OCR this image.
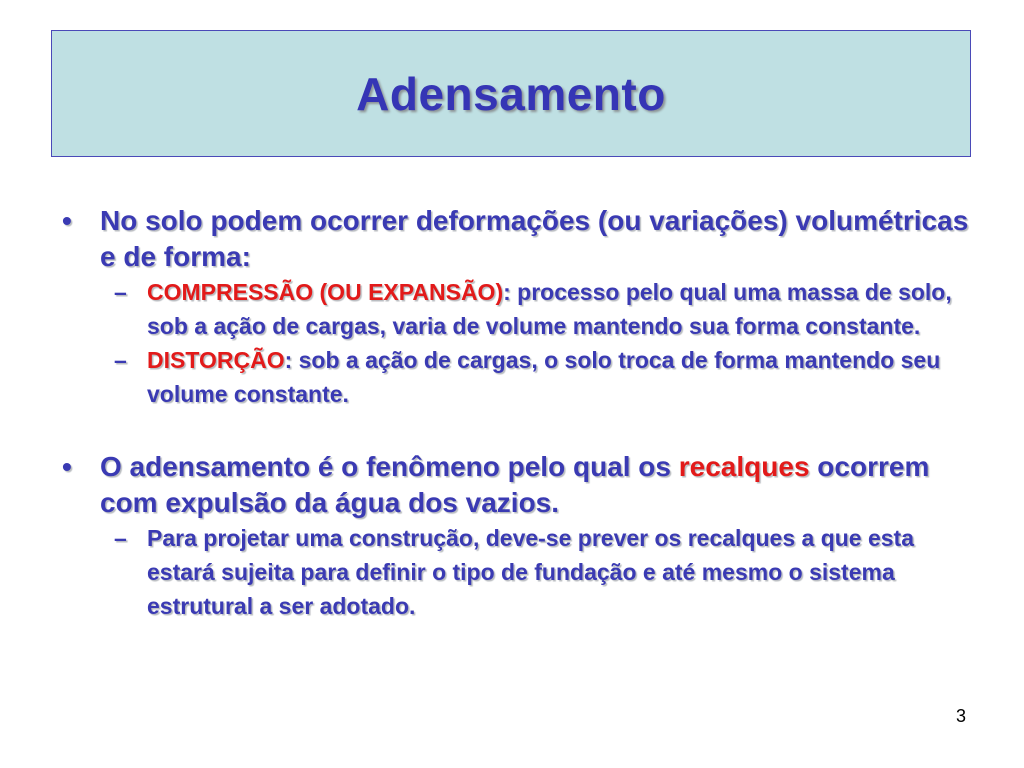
Adensamento
• No solo podem ocorrer deformações (ou variações) volumétricas e de forma:
– COMPRESSÃO (OU EXPANSÃO): processo pelo qual uma massa de solo, sob a ação de cargas, varia de volume mantendo sua forma constante.
– DISTORÇÃO: sob a ação de cargas, o solo troca de forma mantendo seu volume constante.
• O adensamento é o fenômeno pelo qual os recalques ocorrem com expulsão da água dos vazios.
– Para projetar uma construção, deve-se prever os recalques a que esta estará sujeita para definir o tipo de fundação e até mesmo o sistema estrutural a ser adotado.
3
